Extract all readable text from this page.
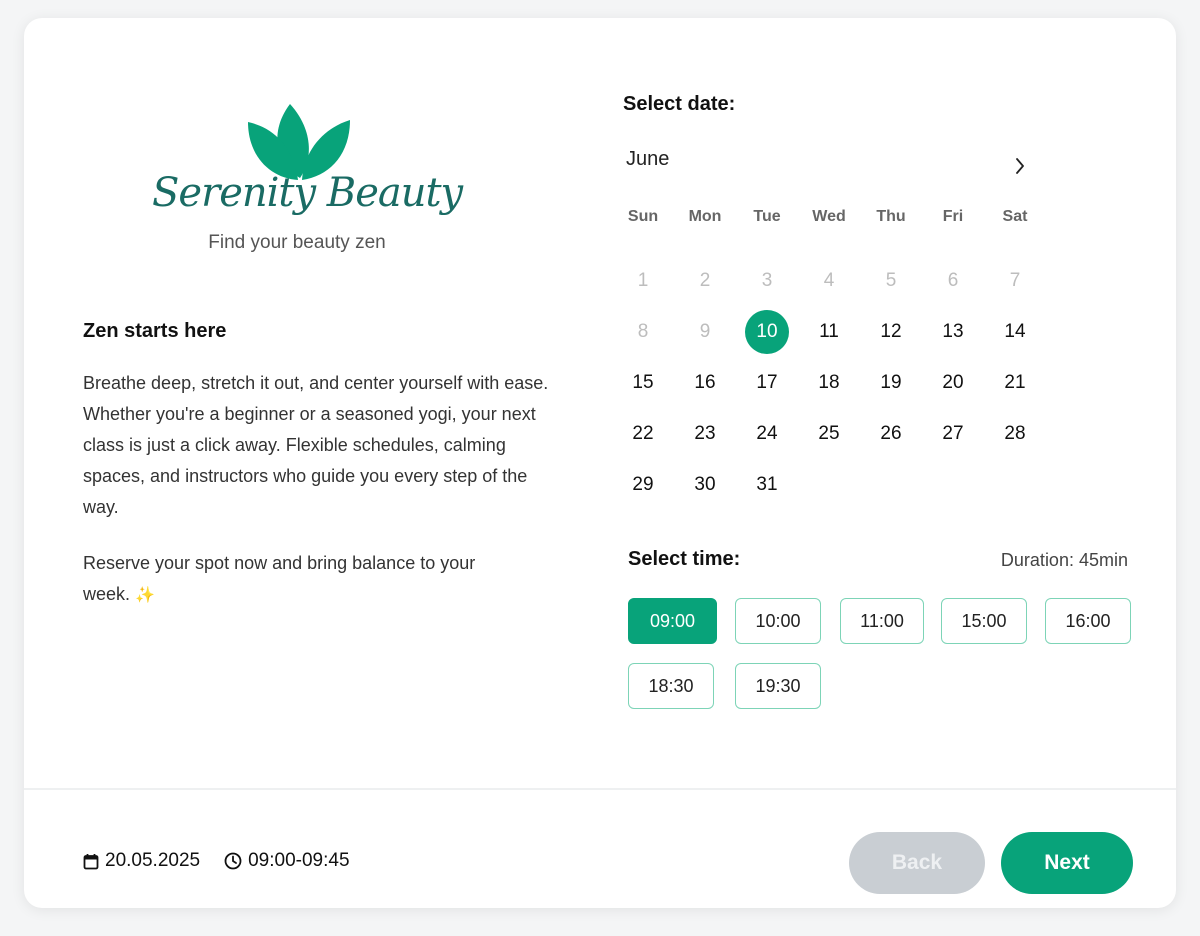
Serenity Beauty
Find your beauty zen
Zen starts here

Breathe deep, stretch it out, and center yourself with ease. Whether you're a beginner or a seasoned yogi, your next class is just a click away. Flexible schedules, calming spaces, and instructors who guide you every step of the way.

Reserve your spot now and bring balance to your week. ✨

Select date:
June
Sun	Mon	Tue	Wed	Thu	Fri	Sat
1	2	3	4	5	6	7
8	9	10	11	12	13	14
15	16	17	18	19	20	21
22	23	24	25	26	27	28
29	30	31
Select time:	Duration: 45min
09:00	10:00	11:00	15:00	16:00
18:30	19:30
20.05.2025	09:00-09:45	Back	Next
